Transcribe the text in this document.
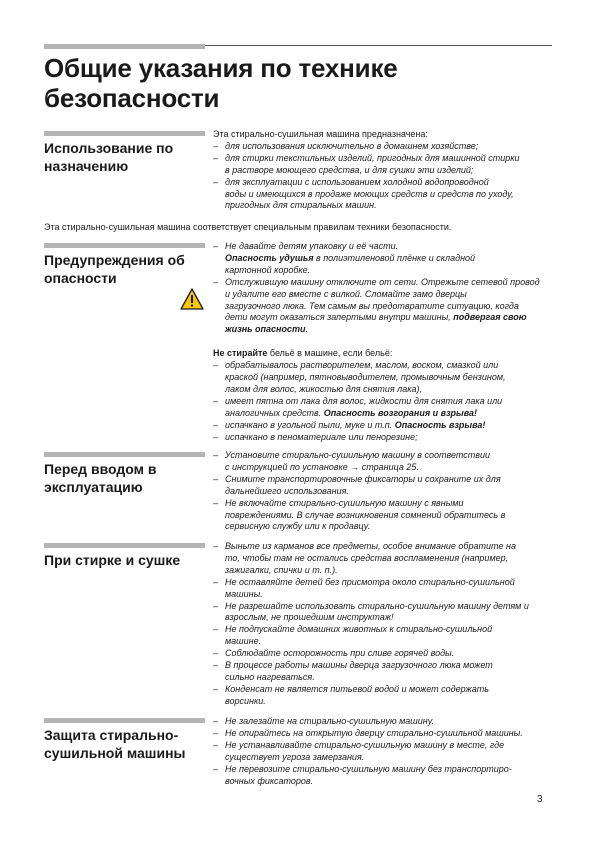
Общие указания по технике
безопасности
Использование по
назначению
Эта стирально-сушильная машина предназначена:
– для использования исключительно в домашнем хозяйстве;
– для стирки текстильных изделий, пригодных для машинной стирки
в растворе моющего средства, и для сушки эти изделий;
– для эксплуатации с использованием холодной водопроводной
воды и имеющихся в продаже моющих средств и средств по уходу,
пригодных для стиральных машин.
Эта стирально-сушильная машина соответствует специальным правилам техники безопасности.
Предупреждения об
опасности
– Не давайте детям упаковку и её части.
Опасность удушья в полиэтиленовой плёнке и складной
картонной коробке.
– Отслужившую машину отключите от сети. Отрежьте сетевой провод
и удалите его вместе с вилкой. Сломайте замо дверцы
загрузочного люка. Тем самым вы предотвратите ситуацию, когда
дети могут оказаться запертыми внутри машины, подвергая свою
жизнь опасности.
Не стирайте бельё в машине, если бельё:
– обрабатывалось растворителем, маслом, воском, смазкой или
краской (например, пятновыводителем, промывочным бензином,
лаком для волос, жикостью для снятия лака),
– имеет пятна от лака для волос, жидкости для снятия лака или
аналогичных средств. Опасность возгорания и взрыва!
– испачкано в угольной пыли, муке и т.п. Опасность взрыва!
– испачкано в пеноматериале или пенорезине;
Перед вводом в
эксплуатацию
– Установите стирально-сушильную машину в соответствии
с инструкцией по установке → страница 25.
– Снимите транспортировочные фиксаторы и сохраните их для
дальнейшего использования.
– Не включайте стирально-сушильную машину с явными
повреждениями. В случае возникновения сомнений обратитесь в
сервисную службу или к продавцу.
При стирке и сушке
– Выньте из карманов все предметы, особое внимание обратите на
то, чтобы там не остались средства воспламенения (например,
зажигалки, спички и т. п.).
– Не оставляйте детей без присмотра около стирально-сушильной
машины.
– Не разрешайте использовать стирально-сушильную машину детям и
взрослым, не прошедшим инструктаж!
– Не подпускайте домашних животных к стирально-сушильной
машине.
– Соблюдайте осторожность при сливе горячей воды.
– В процессе работы машины дверца загрузочного люка может
сильно нагреваться.
– Конденсат не является питьевой водой и может содержать
ворсинки.
Защита стирально-
сушильной машины
– Не залезайте на стирально-сушильную машину.
– Не опирайтесь на открытую дверцу стирально-сушильной машины.
– Не устанавливайте стирально-сушильную машину в месте, где
существует угроза замерзания.
– Не перевозите стирально-сушильную машину без транспортиро-
вочных фиксаторов.
3
